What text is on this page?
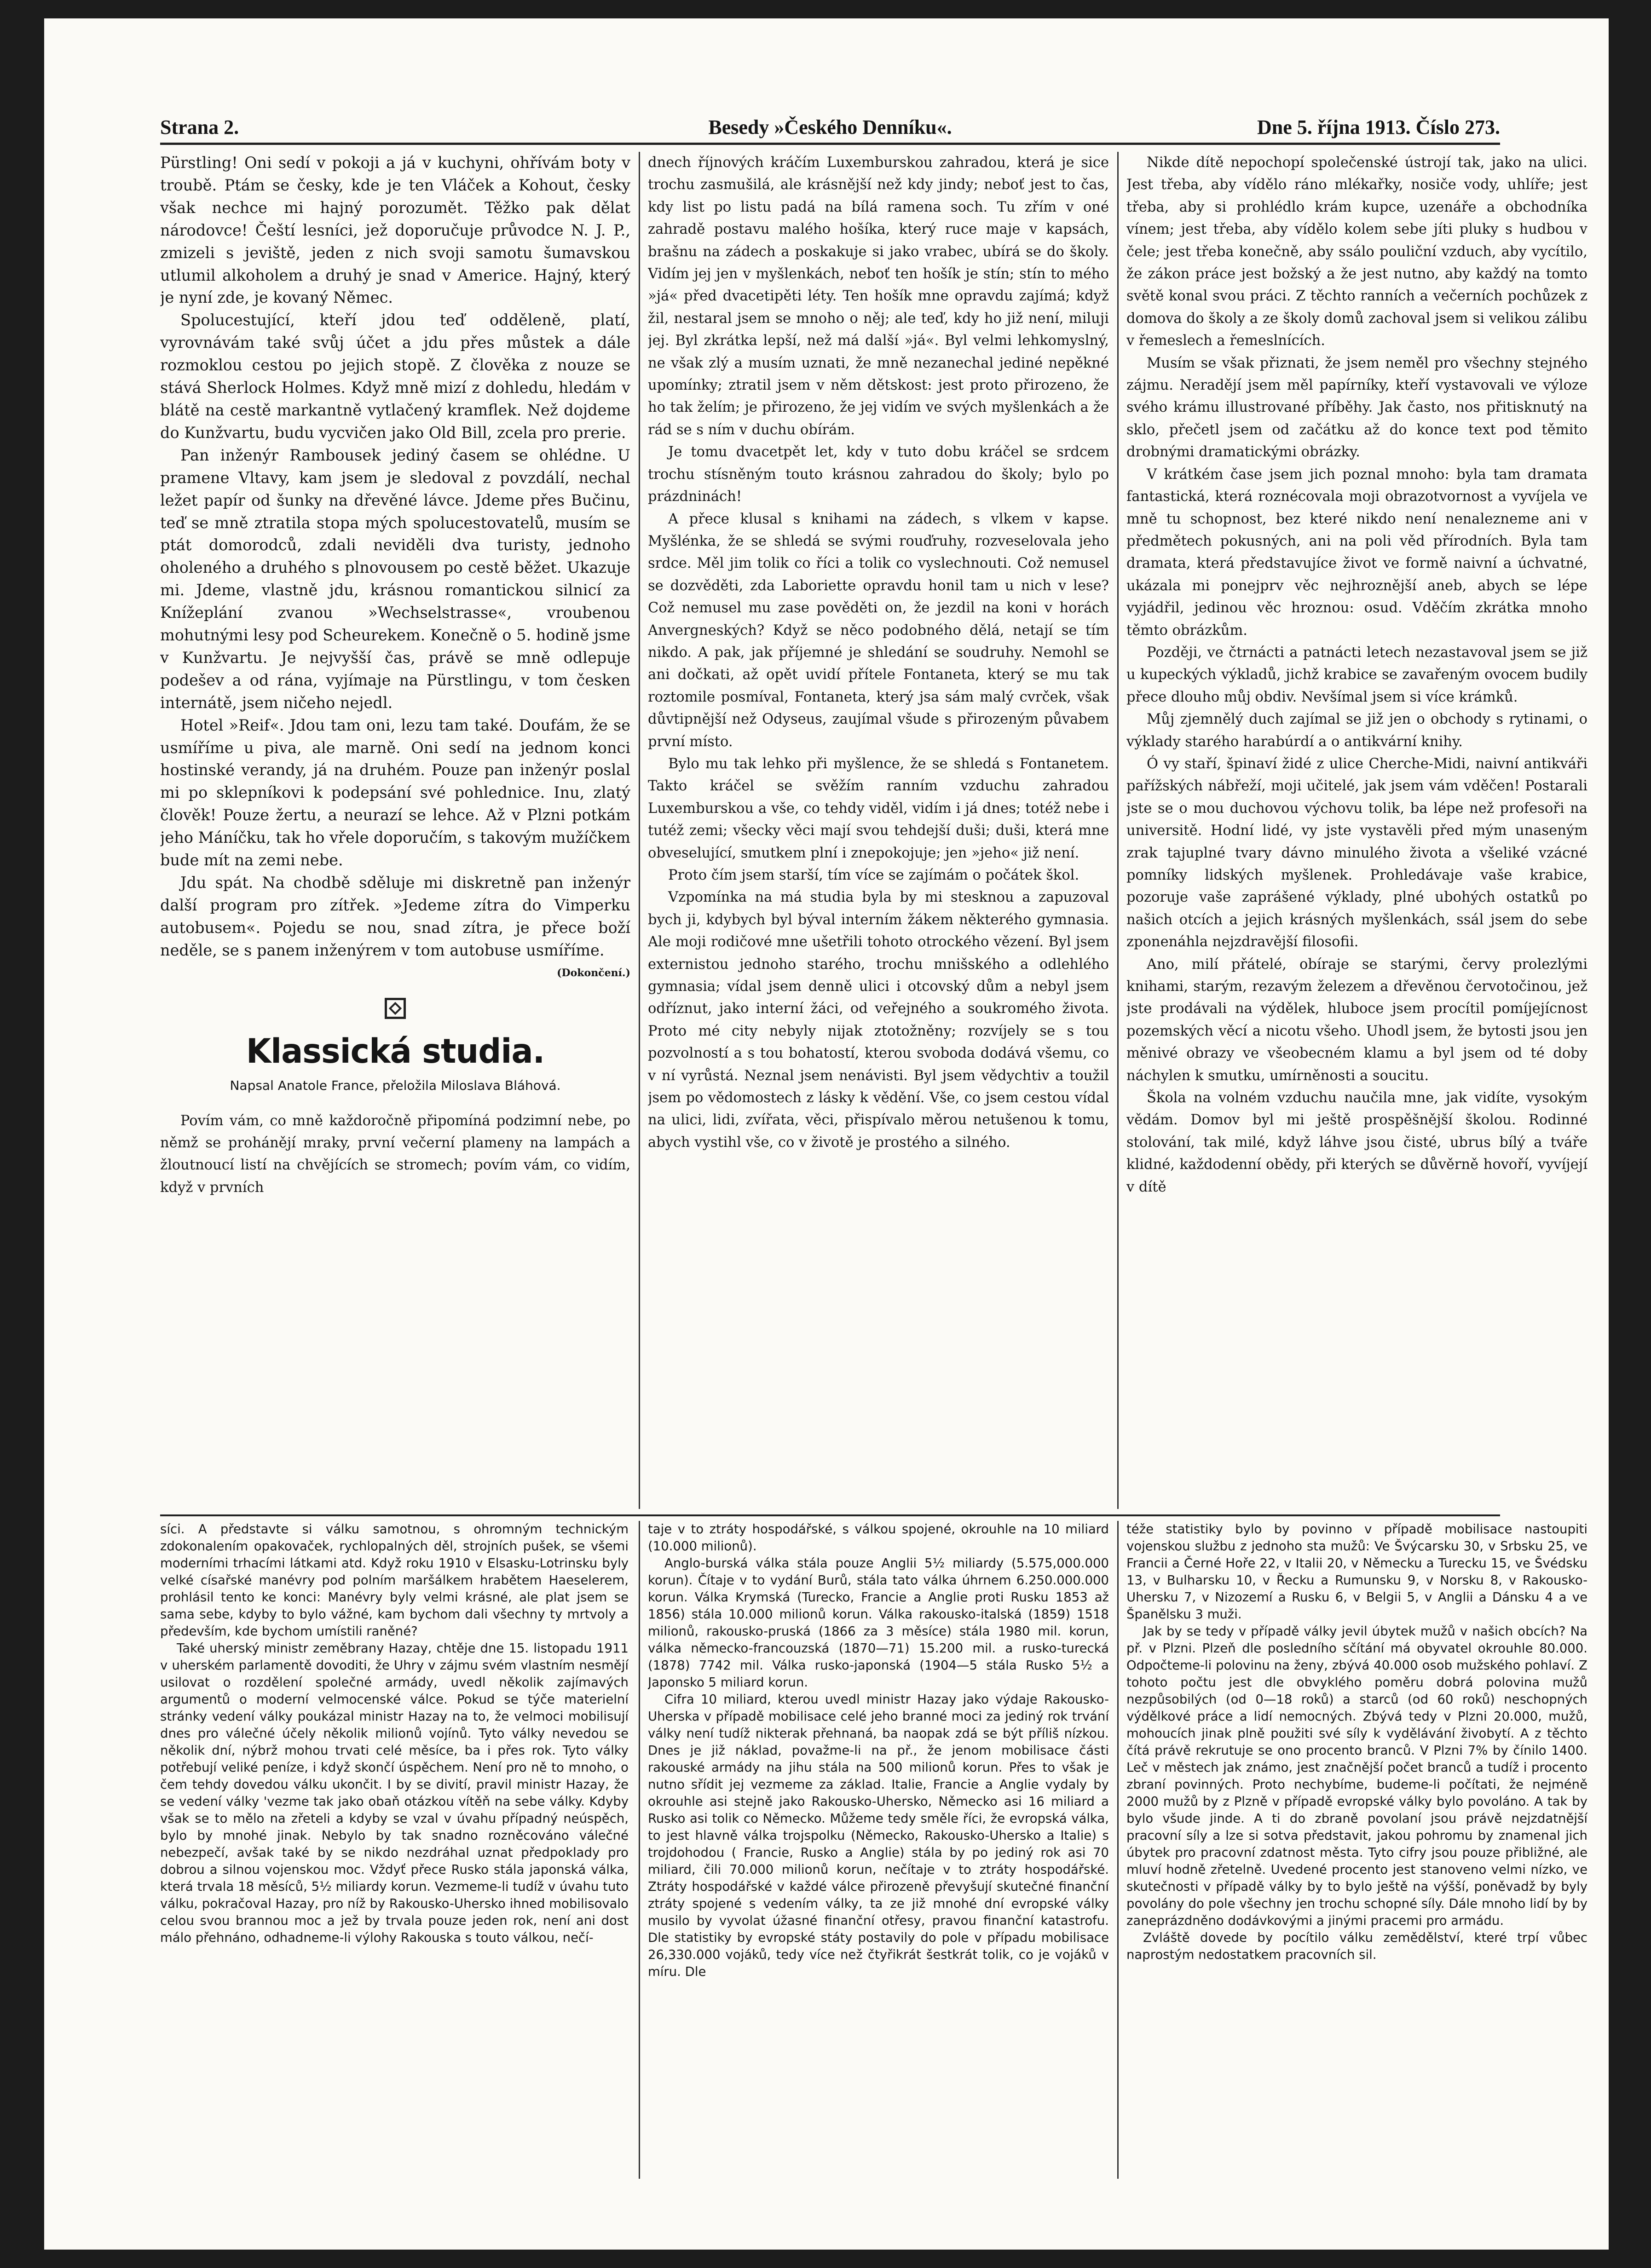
Strana 2.	Besedy »Českého Denníku«.	Dne 5. října 1913. Číslo 273.

Pürstling! Oni sedí v pokoji a já v kuchyni, ohřívám boty v troubě. Ptám se česky, kde je ten Vláček a Kohout, česky však nechce mi hajný porozumět. Těžko pak dělat národovce! Čeští lesníci, jež doporučuje průvodce N. J. P., zmizeli s jeviště, jeden z nich svoji samotu šumavskou utlumil alkoholem a druhý je snad v Americe. Hajný, který je nyní zde, je kovaný Němec.

Spolucestující, kteří jdou teď odděleně, platí, vyrovnávám také svůj účet a jdu přes můstek a dále rozmoklou cestou po jejich stopě. Z člověka z nouze se stává Sherlock Holmes. Když mně mizí z dohledu, hledám v blátě na cestě markantně vytlačený kramflek. Než dojdeme do Kunžvartu, budu vycvičen jako Old Bill, zcela pro prerie.

Pan inženýr Rambousek jediný časem se ohlédne. U pramene Vltavy, kam jsem je sledoval z povzdálí, nechal ležet papír od šunky na dřevěné lávce. Jdeme přes Bučinu, teď se mně ztratila stopa mých spolucestovatelů, musím se ptát domorodců, zdali neviděli dva turisty, jednoho oholeného a druhého s plnovousem po cestě běžet. Ukazuje mi. Jdeme, vlastně jdu, krásnou romantickou silnicí za Knížeplání zvanou »Wechselstrasse«, vroubenou mohutnými lesy pod Scheurekem. Konečně o 5. hodině jsme v Kunžvartu. Je nejvyšší čas, právě se mně odlepuje podešev a od rána, vyjímaje na Pürstlingu, v tom česken internátě, jsem ničeho nejedl.

Hotel »Reif«. Jdou tam oni, lezu tam také. Doufám, že se usmíříme u piva, ale marně. Oni sedí na jednom konci hostinské verandy, já na druhém. Pouze pan inženýr poslal mi po sklepníkovi k podepsání své pohlednice. Inu, zlatý člověk! Pouze žertu, a neurazí se lehce. Až v Plzni potkám jeho Máníčku, tak ho vřele doporučím, s takovým mužíčkem bude mít na zemi nebe.

Jdu spát. Na chodbě sděluje mi diskretně pan inženýr další program pro zítřek. »Jedeme zítra do Vimperku autobusem«. Pojedu se nou, snad zítra, je přece boží neděle, se s panem inženýrem v tom autobuse usmíříme.

(Dokončení.)
Klassická studia.
Napsal Anatole France, přeložila Miloslava Bláhová.

Povím vám, co mně každoročně připomíná podzimní nebe, po němž se prohánějí mraky, první večerní plameny na lampách a žloutnoucí listí na chvějících se stromech; povím vám, co vidím, když v prvních

dnech říjnových kráčím Luxemburskou zahradou, která je sice trochu zasmušilá, ale krásnější než kdy jindy; neboť jest to čas, kdy list po listu padá na bílá ramena soch. Tu zřím v oné zahradě postavu malého hošíka, který ruce maje v kapsách, brašnu na zádech a poskakuje si jako vrabec, ubírá se do školy. Vidím jej jen v myšlenkách, neboť ten hošík je stín; stín to mého »já« před dvacetipěti léty. Ten hošík mne opravdu zajímá; když žil, nestaral jsem se mnoho o něj; ale teď, kdy ho již není, miluji jej. Byl zkrátka lepší, než má další »já«. Byl velmi lehkomyslný, ne však zlý a musím uznati, že mně nezanechal jediné nepěkné upomínky; ztratil jsem v něm dětskost: jest proto přirozeno, že ho tak želím; je přirozeno, že jej vidím ve svých myšlenkách a že rád se s ním v duchu obírám.

Je tomu dvacetpět let, kdy v tuto dobu kráčel se srdcem trochu stísněným touto krásnou zahradou do školy; bylo po prázdninách!

A přece klusal s knihami na zádech, s vlkem v kapse. Myšlénka, že se shledá se svými rouďruhy, rozveselovala jeho srdce. Měl jim tolik co říci a tolik co vyslechnouti. Což nemusel se dozvěděti, zda Laboriette opravdu honil tam u nich v lese? Což nemusel mu zase pověděti on, že jezdil na koni v horách Anvergneských? Když se něco podobného dělá, netají se tím nikdo. A pak, jak příjemné je shledání se soudruhy. Nemohl se ani dočkati, až opět uvidí přítele Fontaneta, který se mu tak roztomile posmíval, Fontaneta, který jsa sám malý cvrček, však důvtipnější než Odyseus, zaujímal všude s přirozeným půvabem první místo.

Bylo mu tak lehko při myšlence, že se shledá s Fontanetem. Takto kráčel se svěžím ranním vzduchu zahradou Luxemburskou a vše, co tehdy viděl, vidím i já dnes; totéž nebe i tutéž zemi; všecky věci mají svou tehdejší duši; duši, která mne obveselující, smutkem plní i znepokojuje; jen »jeho« již není.

Proto čím jsem starší, tím více se zajímám o počátek škol.

Vzpomínka na má studia byla by mi stesknou a zapuzoval bych ji, kdybych byl býval interním žákem některého gymnasia. Ale moji rodičové mne ušetřili tohoto otrockého vězení. Byl jsem externistou jednoho starého, trochu mnišského a odlehlého gymnasia; vídal jsem denně ulici i otcovský dům a nebyl jsem odříznut, jako interní žáci, od veřejného a soukromého života. Proto mé city nebyly nijak ztotožněny; rozvíjely se s tou pozvolností a s tou bohatostí, kterou svoboda dodává všemu, co v ní vyrůstá. Neznal jsem nenávisti. Byl jsem vědychtiv a toužil jsem po vědomostech z lásky k vědění. Vše, co jsem cestou vídal na ulici, lidi, zvířata, věci, přispívalo měrou netušenou k tomu, abych vystihl vše, co v životě je prostého a silného.

Nikde dítě nepochopí společenské ústrojí tak, jako na ulici. Jest třeba, aby vídělo ráno mlékařky, nosiče vody, uhlíře; jest třeba, aby si prohlédlo krám kupce, uzenáře a obchodníka vínem; jest třeba, aby vídělo kolem sebe jíti pluky s hudbou v čele; jest třeba konečně, aby ssálo pouliční vzduch, aby vycítilo, že zákon práce jest božský a že jest nutno, aby každý na tomto světě konal svou práci. Z těchto ranních a večerních pochůzek z domova do školy a ze školy domů zachoval jsem si velikou zálibu v řemeslech a řemeslnících.

Musím se však přiznati, že jsem neměl pro všechny stejného zájmu. Neradějí jsem měl papírníky, kteří vystavovali ve výloze svého krámu illustrované příběhy. Jak často, nos přitisknutý na sklo, přečetl jsem od začátku až do konce text pod těmito drobnými dramatickými obrázky.

V krátkém čase jsem jich poznal mnoho: byla tam dramata fantastická, která roznécovala moji obrazotvornost a vyvíjela ve mně tu schopnost, bez které nikdo není nenalezneme ani v předmětech pokusných, ani na poli věd přírodních. Byla tam dramata, která představujíce život ve formě naivní a úchvatné, ukázala mi ponejprv věc nejhroznější aneb, abych se lépe vyjádřil, jedinou věc hroznou: osud. Vděčím zkrátka mnoho těmto obrázkům.

Později, ve čtrnácti a patnácti letech nezastavoval jsem se již u kupeckých výkladů, jichž krabice se zavařeným ovocem budily přece dlouho můj obdiv. Nevšímal jsem si více krámků.

Můj zjemnělý duch zajímal se již jen o obchody s rytinami, o výklady starého harabúrdí a o antikvární knihy.

Ó vy staří, špinaví židé z ulice Cherche-Midi, naivní antikváři pařížských nábřeží, moji učitelé, jak jsem vám vděčen! Postarali jste se o mou duchovou výchovu tolik, ba lépe než profesoři na universitě. Hodní lidé, vy jste vystavěli před mým unaseným zrak tajuplné tvary dávno minulého života a všeliké vzácné pomníky lidských myšlenek. Prohledávaje vaše krabice, pozoruje vaše zaprášené výklady, plné ubohých ostatků po našich otcích a jejich krásných myšlenkách, ssál jsem do sebe zponenáhla nejzdravější filosofii.

Ano, milí přátelé, obíraje se starými, červy prolezlými knihami, starým, rezavým železem a dřevěnou červotočinou, jež jste prodávali na výdělek, hluboce jsem procítil pomíjejícnost pozemských věcí a nicotu všeho. Uhodl jsem, že bytosti jsou jen měnivé obrazy ve všeobecném klamu a byl jsem od té doby náchylen k smutku, umírněnosti a soucitu.

Škola na volném vzduchu naučila mne, jak vidíte, vysokým vědám. Domov byl mi ještě prospěšnější školou. Rodinné stolování, tak milé, když láhve jsou čisté, ubrus bílý a tváře klidné, každodenní obědy, při kterých se důvěrně hovoří, vyvíjejí v dítě

síci. A představte si válku samotnou, s ohromným technickým zdokonalením opakovaček, rychlopalných děl, strojních pušek, se všemi moderními trhacími látkami atd. Když roku 1910 v Elsasku-Lotrinsku byly velké císařské manévry pod polním maršálkem hrabětem Haeselerem, prohlásil tento ke konci: Manévry byly velmi krásné, ale plat jsem se sama sebe, kdyby to bylo vážné, kam bychom dali všechny ty mrtvoly a především, kde bychom umístili raněné?

Také uherský ministr zeměbrany Hazay, chtěje dne 15. listopadu 1911 v uherském parlamentě dovoditi, že Uhry v zájmu svém vlastním nesmějí usilovat o rozdělení společné armády, uvedl několik zajímavých argumentů o moderní velmocenské válce. Pokud se týče materielní stránky vedení války poukázal ministr Hazay na to, že velmoci mobilisují dnes pro válečné účely několik milionů vojínů. Tyto války nevedou se několik dní, nýbrž mohou trvati celé měsíce, ba i přes rok. Tyto války potřebují veliké peníze, i když skončí úspěchem. Není pro ně to mnoho, o čem tehdy dovedou válku ukončit. I by se divití, pravil ministr Hazay, že se vedení války 'vezme tak jako obaň otázkou vítěň na sebe války. Kdyby však se to mělo na zřeteli a kdyby se vzal v úvahu případný neúspěch, bylo by mnohé jinak. Nebylo by tak snadno rozněcováno válečné nebezpečí, avšak také by se nikdo nezdráhal uznat předpoklady pro dobrou a silnou vojenskou moc. Vždyť přece Rusko stála japonská válka, která trvala 18 měsíců, 5½ miliardy korun. Vezmeme-li tudíž v úvahu tuto válku, pokračoval Hazay, pro níž by Rakousko-Uhersko ihned mobilisovalo celou svou brannou moc a jež by trvala pouze jeden rok, není ani dost málo přehnáno, odhadneme-li výlohy Rakouska s touto válkou, nečí-

taje v to ztráty hospodářské, s válkou spojené, okrouhle na 10 miliard (10.000 milionů).

Anglo-burská válka stála pouze Anglii 5½ miliardy (5.575,000.000 korun). Čítaje v to vydání Burů, stála tato válka úhrnem 6.250.000.000 korun. Válka Krymská (Turecko, Francie a Anglie proti Rusku 1853 až 1856) stála 10.000 milionů korun. Válka rakousko-italská (1859) 1518 milionů, rakousko-pruská (1866 za 3 měsíce) stála 1980 mil. korun, válka německo-francouzská (1870—71) 15.200 mil. a rusko-turecká (1878) 7742 mil. Válka rusko-japonská (1904—5 stála Rusko 5½ a Japonsko 5 miliard korun.

Cifra 10 miliard, kterou uvedl ministr Hazay jako výdaje Rakousko-Uherska v případě mobilisace celé jeho branné moci za jediný rok trvání války není tudíž nikterak přehnaná, ba naopak zdá se být příliš nízkou. Dnes je již náklad, považme-li na př., že jenom mobilisace části rakouské armády na jihu stála na 500 milionů korun. Přes to však je nutno sřídit jej vezmeme za základ. Italie, Francie a Anglie vydaly by okrouhle asi stejně jako Rakousko-Uhersko, Německo asi 16 miliard a Rusko asi tolik co Německo. Můžeme tedy směle říci, že evropská válka, to jest hlavně válka trojspolku (Německo, Rakousko-Uhersko a Italie) s trojdohodou ( Francie, Rusko a Anglie) stála by po jediný rok asi 70 miliard, čili 70.000 milionů korun, nečítaje v to ztráty hospodářské. Ztráty hospodářské v každé válce přirozeně převyšují skutečné finanční ztráty spojené s vedením války, ta ze již mnohé dní evropské války musilo by vyvolat úžasné finanční otřesy, pravou finanční katastrofu. Dle statistiky by evropské státy postavily do pole v případu mobilisace 26,330.000 vojáků, tedy více než čtyřikrát šestkrát tolik, co je vojáků v míru. Dle

téže statistiky bylo by povinno v případě mobilisace nastoupiti vojenskou službu z jednoho sta mužů: Ve Švýcarsku 30, v Srbsku 25, ve Francii a Černé Hoře 22, v Italii 20, v Německu a Turecku 15, ve Švédsku 13, v Bulharsku 10, v Řecku a Rumunsku 9, v Norsku 8, v Rakousko-Uhersku 7, v Nizozemí a Rusku 6, v Belgii 5, v Anglii a Dánsku 4 a ve Španělsku 3 muži.

Jak by se tedy v případě války jevil úbytek mužů v našich obcích? Na př. v Plzni. Plzeň dle posledního sčítání má obyvatel okrouhle 80.000. Odpočteme-li polovinu na ženy, zbývá 40.000 osob mužského pohlaví. Z tohoto počtu jest dle obvyklého poměru dobrá polovina mužů nezpůsobilých (od 0—18 roků) a starců (od 60 roků) neschopných výdělkové práce a lidí nemocných. Zbývá tedy v Plzni 20.000, mužů, mohoucích jinak plně použiti své síly k vydělávání živobytí. A z těchto čítá právě rekrutuje se ono procento branců. V Plzni 7% by čínilo 1400. Leč v městech jak známo, jest značnější počet branců a tudíž i procento zbraní povinných. Proto nechybíme, budeme-li počítati, že nejméně 2000 mužů by z Plzně v případě evropské války bylo povoláno. A tak by bylo všude jinde. A ti do zbraně povolaní jsou právě nejzdatnější pracovní síly a lze si sotva představit, jakou pohromu by znamenal jich úbytek pro pracovní zdatnost města. Tyto cifry jsou pouze přibližné, ale mluví hodně zřetelně. Uvedené procento jest stanoveno velmi nízko, ve skutečnosti v případě války by to bylo ještě na výšší, poněvadž by byly povolány do pole všechny jen trochu schopné síly. Dále mnoho lidí by by zaneprázdněno dodávkovými a jinými pracemi pro armádu.

Zvláště dovede by pocítilo válku zemědělství, které trpí vůbec naprostým nedostatkem pracovních sil.
